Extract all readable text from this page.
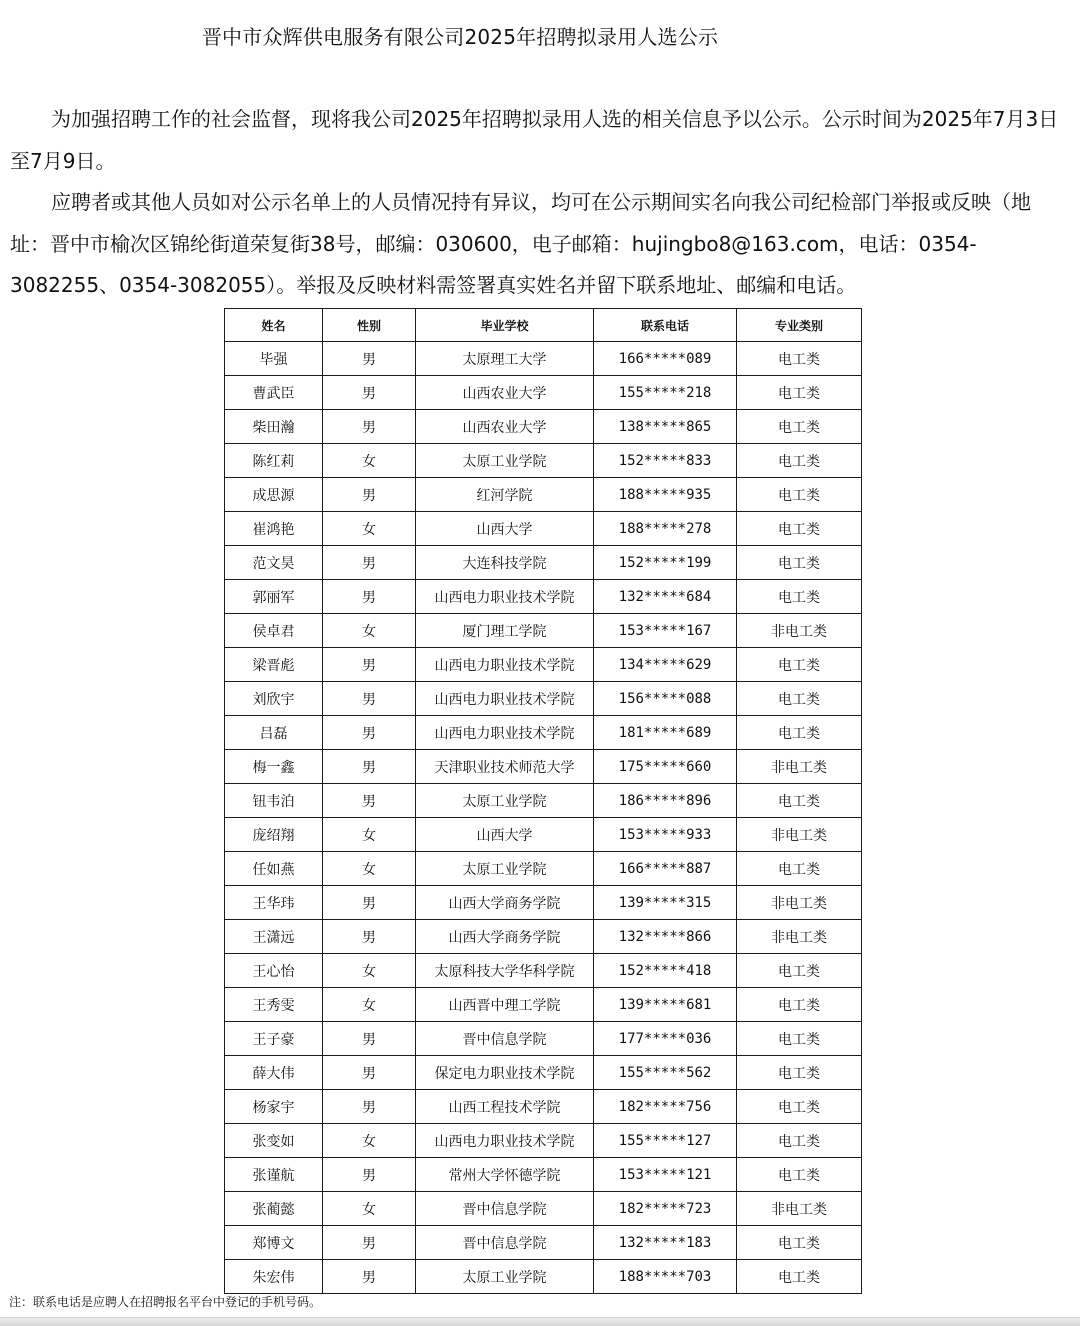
晋中市众辉供电服务有限公司2025年招聘拟录用人选公示

为加强招聘工作的社会监督，现将我公司2025年招聘拟录用人选的相关信息予以公示。公示时间为2025年7月3日至7月9日。

应聘者或其他人员如对公示名单上的人员情况持有异议，均可在公示期间实名向我公司纪检部门举报或反映（地址：晋中市榆次区锦纶街道荣复街38号，邮编：030600，电子邮箱：hujingbo8@163.com，电话：0354-3082255、0354-3082055）。举报及反映材料需签署真实姓名并留下联系地址、邮编和电话。

姓名	性别	毕业学校	联系电话	专业类别
毕强	男	太原理工大学	166*****089	电工类
曹武臣	男	山西农业大学	155*****218	电工类
柴田瀚	男	山西农业大学	138*****865	电工类
陈红莉	女	太原工业学院	152*****833	电工类
成思源	男	红河学院	188*****935	电工类
崔鸿艳	女	山西大学	188*****278	电工类
范文昊	男	大连科技学院	152*****199	电工类
郭丽军	男	山西电力职业技术学院	132*****684	电工类
侯卓君	女	厦门理工学院	153*****167	非电工类
梁晋彪	男	山西电力职业技术学院	134*****629	电工类
刘欣宇	男	山西电力职业技术学院	156*****088	电工类
吕磊	男	山西电力职业技术学院	181*****689	电工类
梅一鑫	男	天津职业技术师范大学	175*****660	非电工类
钮韦泊	男	太原工业学院	186*****896	电工类
庞绍翔	女	山西大学	153*****933	非电工类
任如燕	女	太原工业学院	166*****887	电工类
王华玮	男	山西大学商务学院	139*****315	非电工类
王潇远	男	山西大学商务学院	132*****866	非电工类
王心怡	女	太原科技大学华科学院	152*****418	电工类
王秀雯	女	山西晋中理工学院	139*****681	电工类
王子豪	男	晋中信息学院	177*****036	电工类
薛大伟	男	保定电力职业技术学院	155*****562	电工类
杨家宇	男	山西工程技术学院	182*****756	电工类
张变如	女	山西电力职业技术学院	155*****127	电工类
张谨航	男	常州大学怀德学院	153*****121	电工类
张蔺懿	女	晋中信息学院	182*****723	非电工类
郑博文	男	晋中信息学院	132*****183	电工类
朱宏伟	男	太原工业学院	188*****703	电工类
注：联系电话是应聘人在招聘报名平台中登记的手机号码。
